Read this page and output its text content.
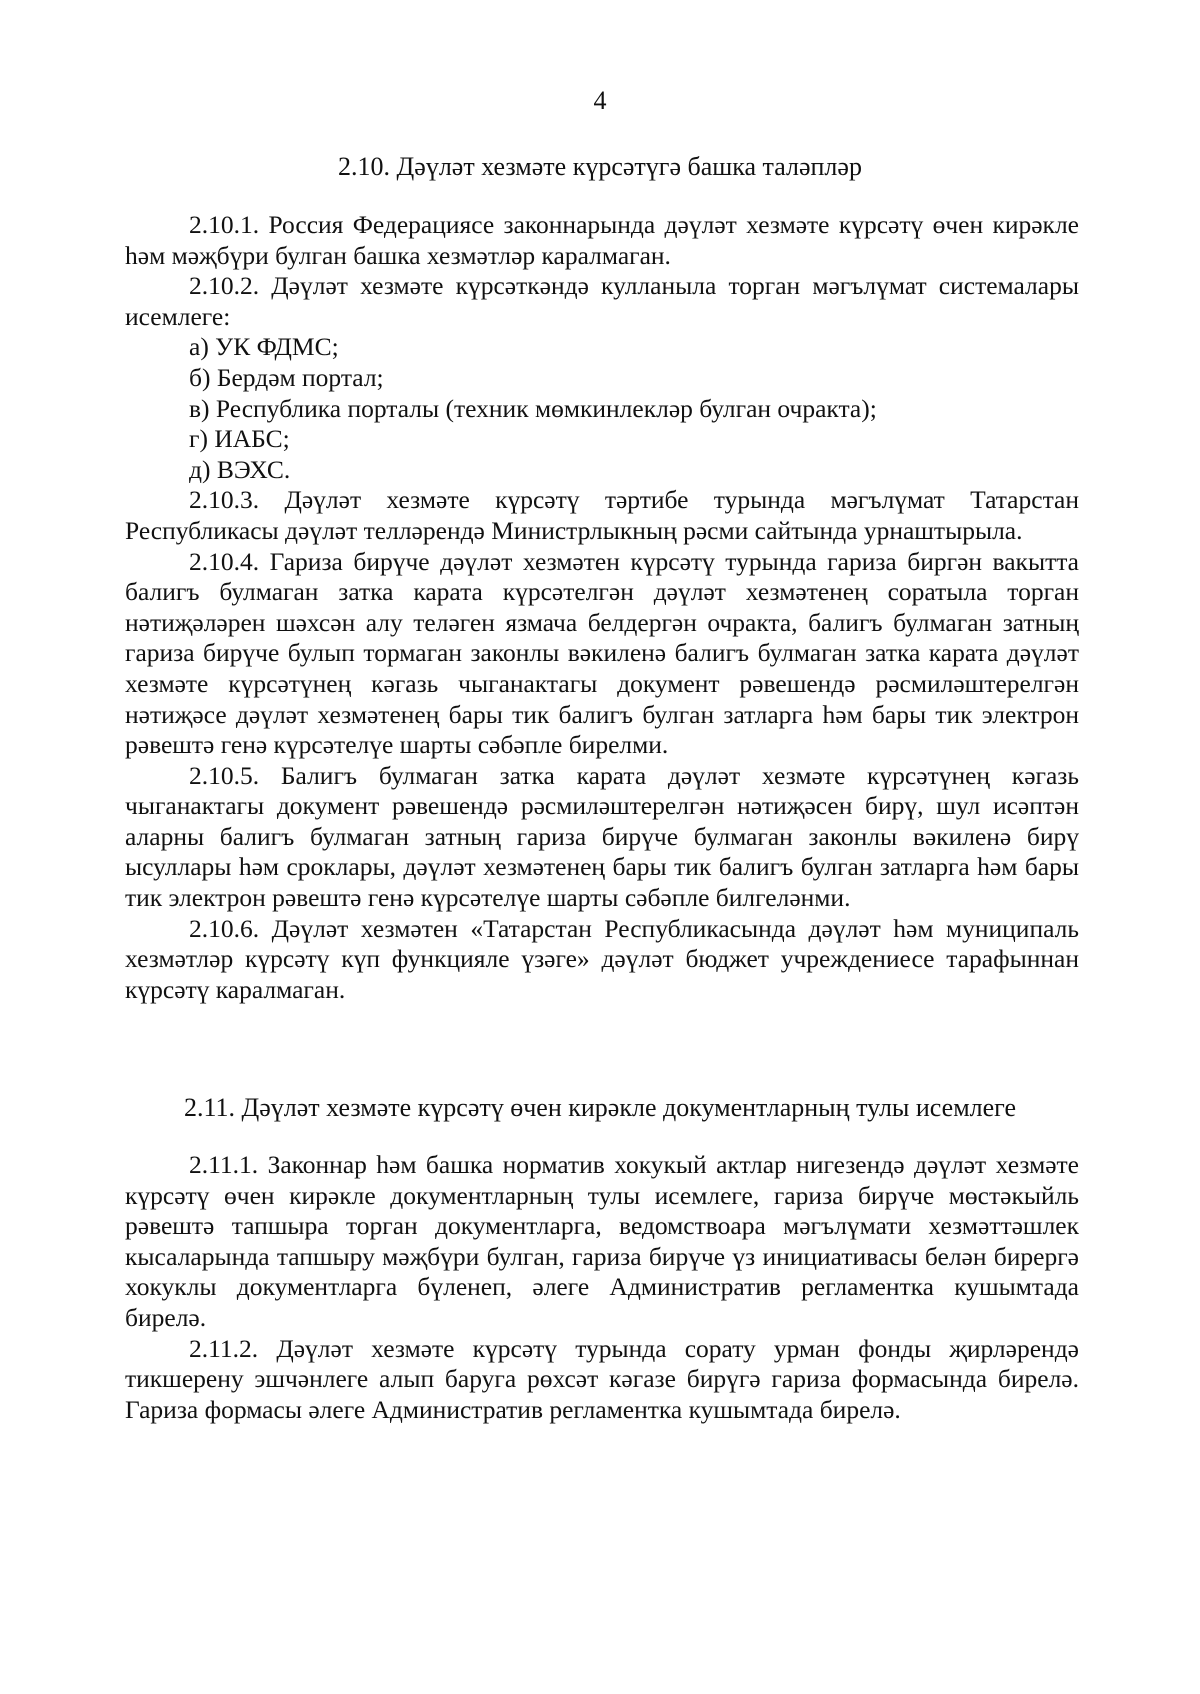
4
2.10. Дәүләт хезмәте күрсәтүгә башка таләпләр

2.10.1. Россия Федерациясе законнарында дәүләт хезмәте күрсәтү өчен кирәкле һәм мәҗбүри булган башка хезмәтләр каралмаган.

2.10.2. Дәүләт хезмәте күрсәткәндә кулланыла торган мәгълүмат системалары исемлеге:

а) УК ФДМС;

б) Бердәм портал;

в) Республика порталы (техник мөмкинлекләр булган очракта);

г) ИАБС;

д) ВЭХС.

2.10.3. Дәүләт хезмәте күрсәтү тәртибе турында мәгълүмат Татарстан Республикасы дәүләт телләрендә Министрлыкның рәсми сайтында урнаштырыла.

2.10.4. Гариза бирүче дәүләт хезмәтен күрсәтү турында гариза биргән вакытта балигъ булмаган затка карата күрсәтелгән дәүләт хезмәтенең соратыла торган нәтиҗәләрен шәхсән алу теләген язмача белдергән очракта, балигъ булмаган затның гариза бирүче булып тормаган законлы вәкиленә балигъ булмаган затка карата дәүләт хезмәте күрсәтүнең кәгазь чыганактагы документ рәвешендә рәсмиләштерелгән нәтиҗәсе дәүләт хезмәтенең бары тик балигъ булган затларга һәм бары тик электрон рәвештә генә күрсәтелүе шарты сәбәпле бирелми.

2.10.5. Балигъ булмаган затка карата дәүләт хезмәте күрсәтүнең кәгазь чыганактагы документ рәвешендә рәсмиләштерелгән нәтиҗәсен бирү, шул исәптән аларны балигъ булмаган затның гариза бирүче булмаган законлы вәкиленә бирү ысуллары һәм сроклары, дәүләт хезмәтенең бары тик балигъ булган затларга һәм бары тик электрон рәвештә генә күрсәтелүе шарты сәбәпле билгеләнми.

2.10.6. Дәүләт хезмәтен «Татарстан Республикасында дәүләт һәм муниципаль хезмәтләр күрсәтү күп функцияле үзәге» дәүләт бюджет учреждениесе тарафыннан күрсәтү каралмаган.

2.11. Дәүләт хезмәте күрсәтү өчен кирәкле документларның тулы исемлеге

2.11.1. Законнар һәм башка норматив хокукый актлар нигезендә дәүләт хезмәте күрсәтү өчен кирәкле документларның тулы исемлеге, гариза бирүче мөстәкыйль рәвештә тапшыра торган документларга, ведомствоара мәгълүмати хезмәттәшлек кысаларында тапшыру мәҗбүри булган, гариза бирүче үз инициативасы белән бирергә хокуклы документларга бүленеп, әлеге Административ регламентка кушымтада бирелә.

2.11.2. Дәүләт хезмәте күрсәтү турында сорату урман фонды җирләрендә тикшерену эшчәнлеге алып баруга рөхсәт кәгазе бирүгә гариза формасында бирелә. Гариза формасы әлеге Административ регламентка кушымтада бирелә.
